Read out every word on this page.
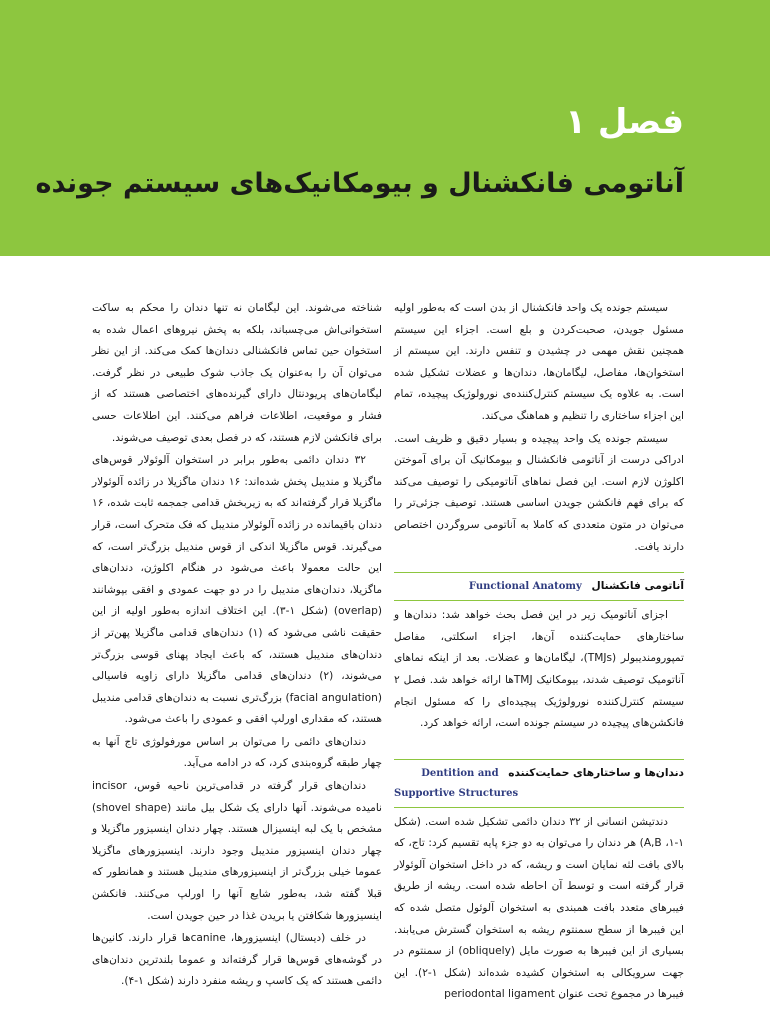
فصل ۱
آناتومی فانکشنال و بیومکانیک‌های سیستم جونده

سیستم جونده یک واحد فانکشنال از بدن است که به‌طور اولیه مسئول جویدن، صحبت‌کردن و بلع است. اجزاء این سیستم همچنین نقش مهمی در چشیدن و تنفس دارند. این سیستم از استخوان‌ها، مفاصل، لیگامان‌ها، دندان‌ها و عضلات تشکیل شده است. به علاوه یک سیستم کنترل‌کننده‌ی نورولوژیک پیچیده، تمام این اجزاء ساختاری را تنظیم و هماهنگ می‌کند.

سیستم جونده یک واحد پیچیده و بسیار دقیق و ظریف است. ادراکی درست از آناتومی فانکشنال و بیومکانیک آن برای آموختن اکلوژن لازم است. این فصل نماهای آناتومیکی را توصیف می‌کند که برای فهم فانکشن جویدن اساسی هستند. توصیف جزئی‌تر را می‌توان در متون متعددی که کاملا به آناتومی سروگردن اختصاص دارند یافت.

آناتومی فانکشنال Functional Anatomy

اجزای آناتومیک زیر در این فصل بحث خواهد شد: دندان‌ها و ساختارهای حمایت‌کننده آن‌ها، اجزاء اسکلتی، مفاصل تمپورومندیبولر (TMJs)، لیگامان‌ها و عضلات. بعد از اینکه نماهای آناتومیک توصیف شدند، بیومکانیک TMJها ارائه خواهد شد. فصل ۲ سیستم کنترل‌کننده نورولوژیک پیچیده‌ای را که مسئول انجام فانکشن‌های پیچیده در سیستم جونده است، ارائه خواهد کرد.

دندان‌ها و ساختارهای حمایت‌کننده Dentition and
Supportive Structures

دندتیشن انسانی از ۳۲ دندان دائمی تشکیل شده است. (شکل ۱-۱، A,B) هر دندان را می‌توان به دو جزء پایه تقسیم کرد: تاج، که بالای بافت لثه نمایان است و ریشه، که در داخل استخوان آلوئولار قرار گرفته است و توسط آن احاطه شده است. ریشه از طریق فیبرهای متعدد بافت همبندی به استخوان آلوئول متصل شده که این فیبرها از سطح سمنتوم ریشه به استخوان گسترش می‌یابند. بسیاری از این فیبرها به صورت مایل (obliquely) از سمنتوم در جهت سرویکالی به استخوان کشیده شده‌اند (شکل ۱-۲). این فیبرها در مجموع تحت عنوان periodontal ligament

شناخته می‌شوند. این لیگامان نه تنها دندان را محکم به ساکت استخوانی‌اش می‌چسباند، بلکه به پخش نیروهای اعمال شده به استخوان حین تماس فانکشنالی دندان‌ها کمک می‌کند. از این نظر می‌توان آن را به‌عنوان یک جاذب شوک طبیعی در نظر گرفت. لیگامان‌های پریودنتال دارای گیرنده‌های اختصاصی هستند که از فشار و موقعیت، اطلاعات فراهم می‌کنند. این اطلاعات حسی برای فانکشن لازم هستند، که در فصل بعدی توصیف می‌شوند.

۳۲ دندان دائمی به‌طور برابر در استخوان آلوئولار قوس‌های ماگزیلا و مندیبل پخش شده‌اند: ۱۶ دندان ماگزیلا در زائده آلوئولار ماگزیلا قرار گرفته‌اند که به زیربخش قدامی جمجمه ثابت شده، ۱۶ دندان باقیمانده در زائده آلوئولار مندیبل که فک متحرک است، قرار می‌گیرند. قوس ماگزیلا اندکی از قوس مندیبل بزرگ‌تر است، که این حالت معمولا باعث می‌شود در هنگام اکلوژن، دندان‌های ماگزیلا، دندان‌های مندیبل را در دو جهت عمودی و افقی بپوشانند (overlap) (شکل ۱-۳). این اختلاف اندازه به‌طور اولیه از این حقیقت ناشی می‌شود که (۱) دندان‌های قدامی ماگزیلا پهن‌تر از دندان‌های مندیبل هستند، که باعث ایجاد پهنای قوسی بزرگ‌تر می‌شوند، (۲) دندان‌های قدامی ماگزیلا دارای زاویه فاسیالی (facial angulation) بزرگ‌تری نسبت به دندان‌های قدامی مندیبل هستند، که مقداری اورلپ افقی و عمودی را باعث می‌شود.

دندان‌های دائمی را می‌توان بر اساس مورفولوژی تاج آنها به چهار طبقه گروه‌بندی کرد، که در ادامه می‌آید.

دندان‌های قرار گرفته در قدامی‌ترین ناحیه قوس، incisor نامیده می‌شوند. آنها دارای یک شکل بیل مانند (shovel shape) مشخص با یک لبه اینسیزال هستند. چهار دندان اینسیزور ماگزیلا و چهار دندان اینسیزور مندیبل وجود دارند. اینسیزورهای ماگزیلا عموما خیلی بزرگ‌تر از اینسیزورهای مندیبل هستند و همانطور که قبلا گفته شد، به‌طور شایع آنها را اورلپ می‌کنند. فانکشن اینسیزورها شکافتن یا بریدن غذا در حین جویدن است.

در خلف (دیستال) اینسیزورها، canineها قرار دارند. کانین‌ها در گوشه‌های قوس‌ها قرار گرفته‌اند و عموما بلندترین دندان‌های دائمی هستند که یک کاسپ و ریشه منفرد دارند (شکل ۱-۴).
